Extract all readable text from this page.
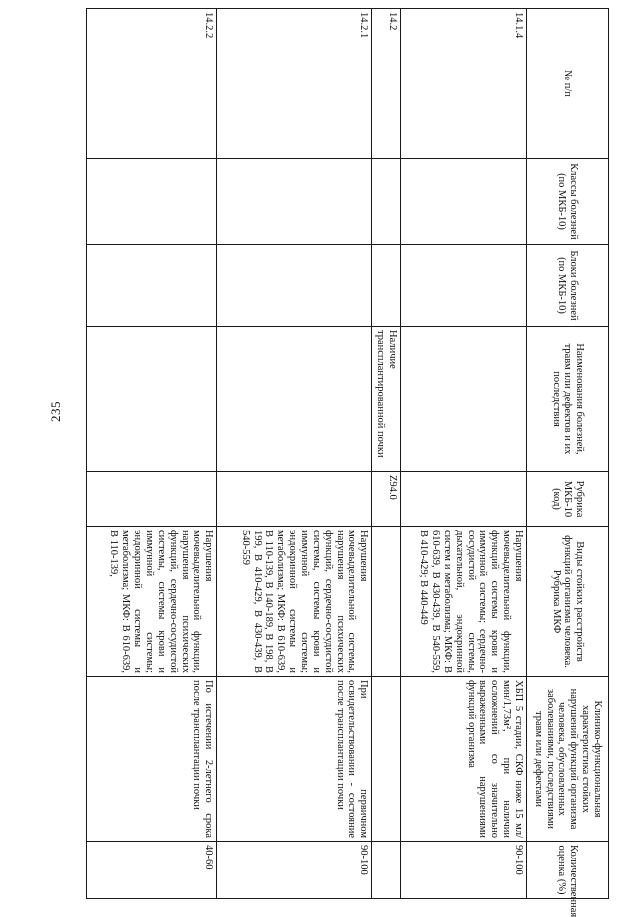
235
№ п/п	Классы болезней (по МКБ-10)	Блоки болезней (по МКБ-10)	Наименования болезней, травм или дефектов и их последствия	Рубрика МКБ-10 (код)	Виды стойких расстройств функций организма человека. Рубрика МКФ	Клинико-функциональная характеристика стойких нарушений функций организма человека, обусловленных заболеваниями, последствиями травм или дефектами	Количественная оценка (%)
14.1.4					Нарушения мочевыделительной функции, функций системы крови и иммунной системы; сердечно-сосудистой системы, дыхательной, эндокринной систем и метаболизма; МКФ: В 610-639, В 430-439, В 540-559, В 410-429; В 440-449	ХБП 5 стадии, СКФ ниже 15 мл/мин/1,73м², при наличии осложнений со значительно выраженными нарушениями функций организма	90-100
14.2			Наличие трансплантированной почки	Z94.0			
14.2.1					Нарушения мочевыделительной системы, нарушения психических функций, сердечно-сосудистой системы, системы крови и иммунной системы; эндокринной системы и метаболизма; МКФ: В 610-639, В 110-139, В 140-189, В 198, В 199, В 410-429, В 430-439, В 540-559	При первичном освидетельствовании - состояние после трансплантации почки	90-100
14.2.2					Нарушения мочевыделительной функции, нарушения психических функций, сердечно-сосудистой системы, системы крови и иммунной системы; эндокринной системы и метаболизма; МКФ: В 610-639, В 110-139,	По истечении 2-летнего срока после трансплантации почки	40-60
